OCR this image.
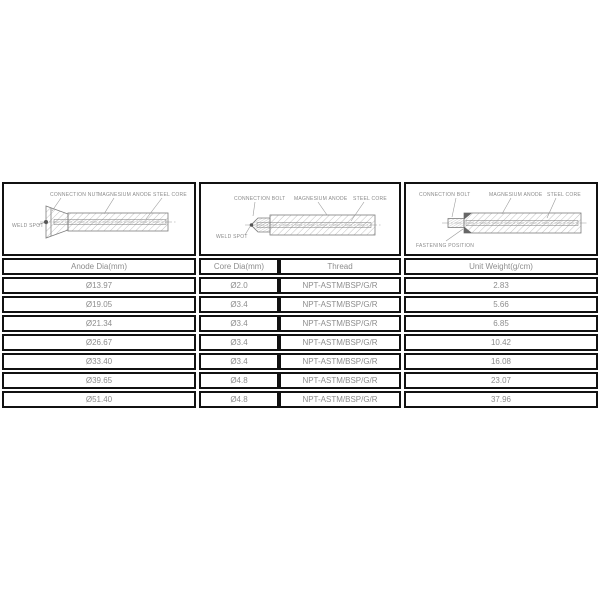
CONNECTION NUT MAGNESIUM ANODE STEEL CORE
WELD SPOT
CONNECTION BOLT MAGNESIUM ANODE STEEL CORE
WELD SPOT
CONNECTION BOLT	MAGNESIUM ANODE STEEL CORE
FASTENING POSITION
Anode Dia(mm)	Core Dia(mm)	Thread	Unit Weight(g/cm)
Ø13.97	Ø2.0	NPT-ASTM/BSP/G/R	2.83
Ø19.05	Ø3.4	NPT-ASTM/BSP/G/R	5.66
Ø21.34	Ø3.4	NPT-ASTM/BSP/G/R	6.85
Ø26.67	Ø3.4	NPT-ASTM/BSP/G/R	10.42
Ø33.40	Ø3.4	NPT-ASTM/BSP/G/R	16.08
Ø39.65	Ø4.8	NPT-ASTM/BSP/G/R	23.07
Ø51.40	Ø4.8	NPT-ASTM/BSP/G/R	37.96
